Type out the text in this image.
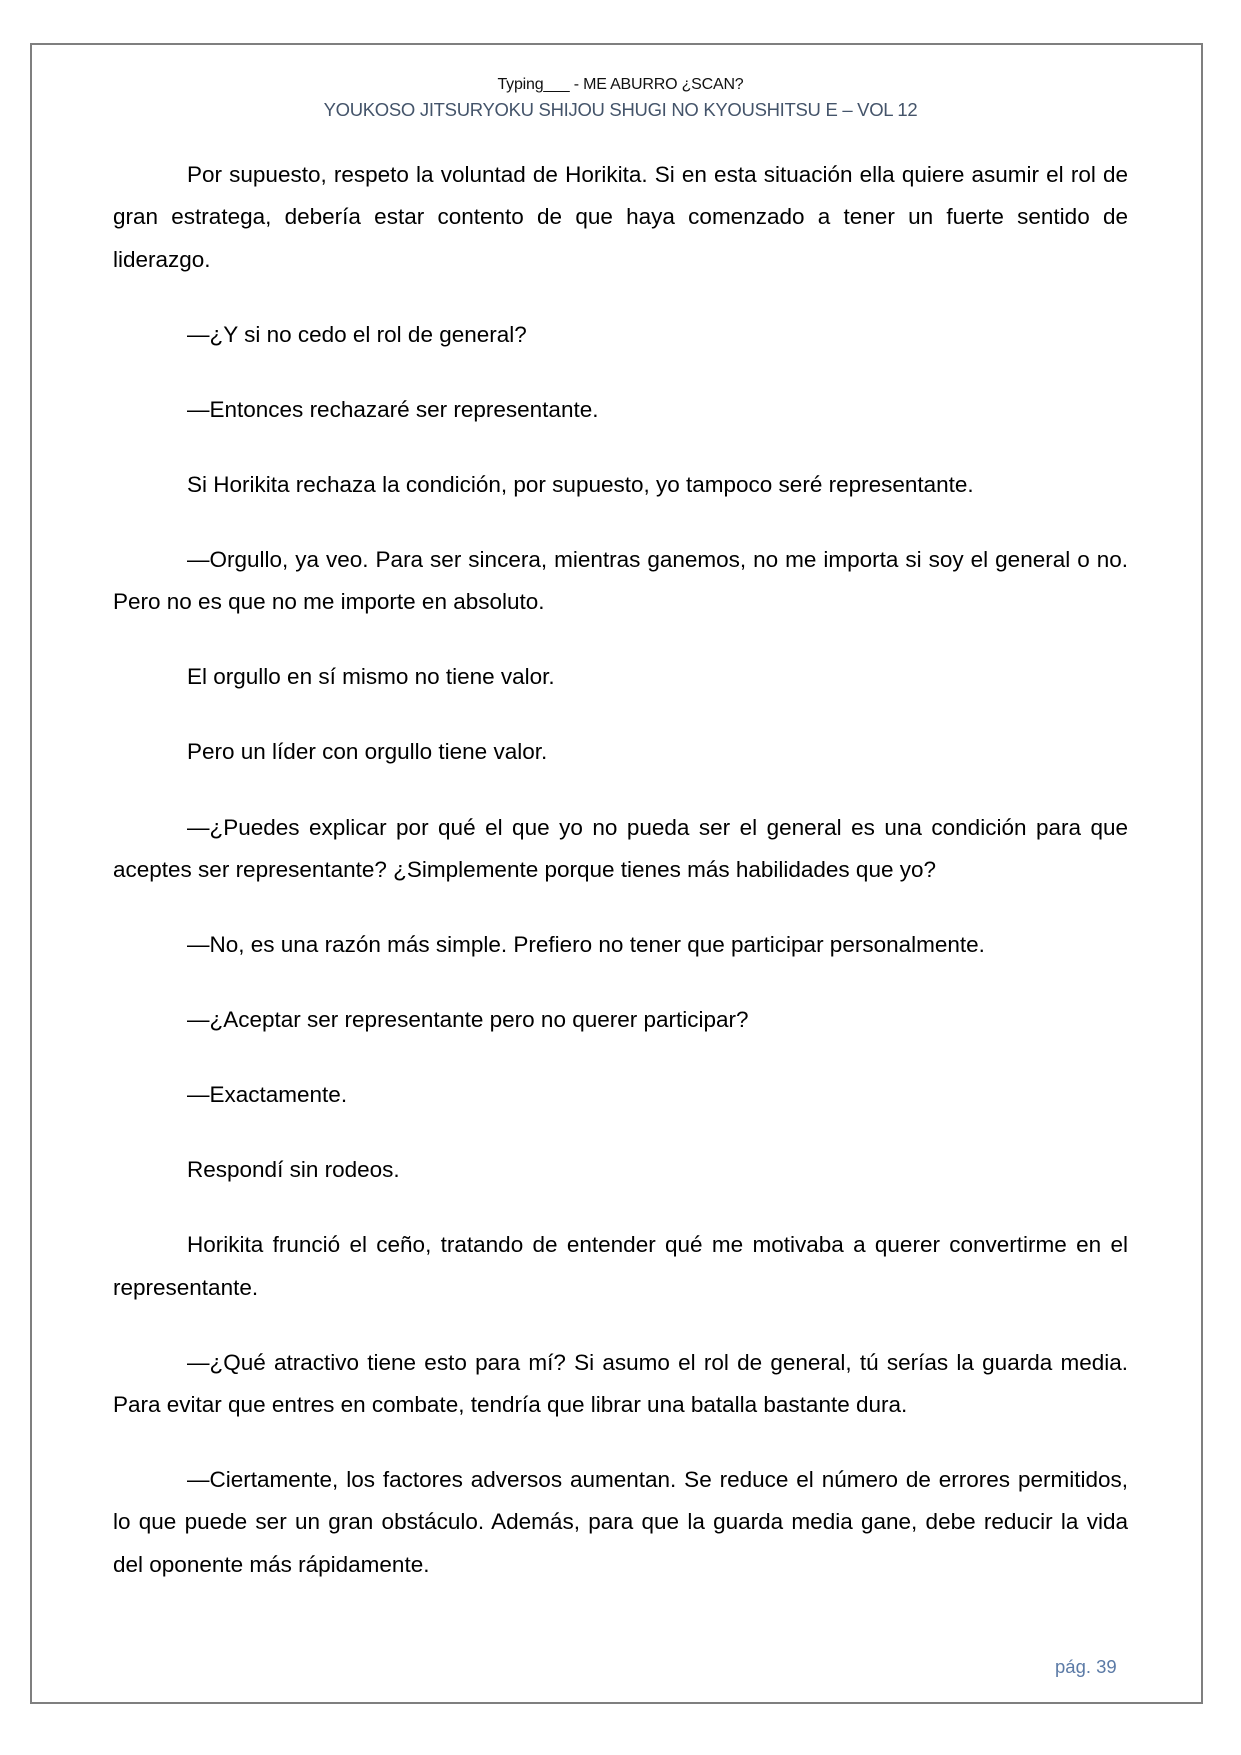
Typing___ - ME ABURRO ¿SCAN?
YOUKOSO JITSURYOKU SHIJOU SHUGI NO KYOUSHITSU E – VOL 12

Por supuesto, respeto la voluntad de Horikita. Si en esta situación ella quiere asumir el rol de gran estratega, debería estar contento de que haya comenzado a tener un fuerte sentido de liderazgo.

—¿Y si no cedo el rol de general?

—Entonces rechazaré ser representante.

Si Horikita rechaza la condición, por supuesto, yo tampoco seré representante.

—Orgullo, ya veo. Para ser sincera, mientras ganemos, no me importa si soy el general o no. Pero no es que no me importe en absoluto.

El orgullo en sí mismo no tiene valor.

Pero un líder con orgullo tiene valor.

—¿Puedes explicar por qué el que yo no pueda ser el general es una condición para que aceptes ser representante? ¿Simplemente porque tienes más habilidades que yo?

—No, es una razón más simple. Prefiero no tener que participar personalmente.

—¿Aceptar ser representante pero no querer participar?

—Exactamente.

Respondí sin rodeos.

Horikita frunció el ceño, tratando de entender qué me motivaba a querer convertirme en el representante.

—¿Qué atractivo tiene esto para mí? Si asumo el rol de general, tú serías la guarda media. Para evitar que entres en combate, tendría que librar una batalla bastante dura.

—Ciertamente, los factores adversos aumentan. Se reduce el número de errores permitidos, lo que puede ser un gran obstáculo. Además, para que la guarda media gane, debe reducir la vida del oponente más rápidamente.

pág. 39
